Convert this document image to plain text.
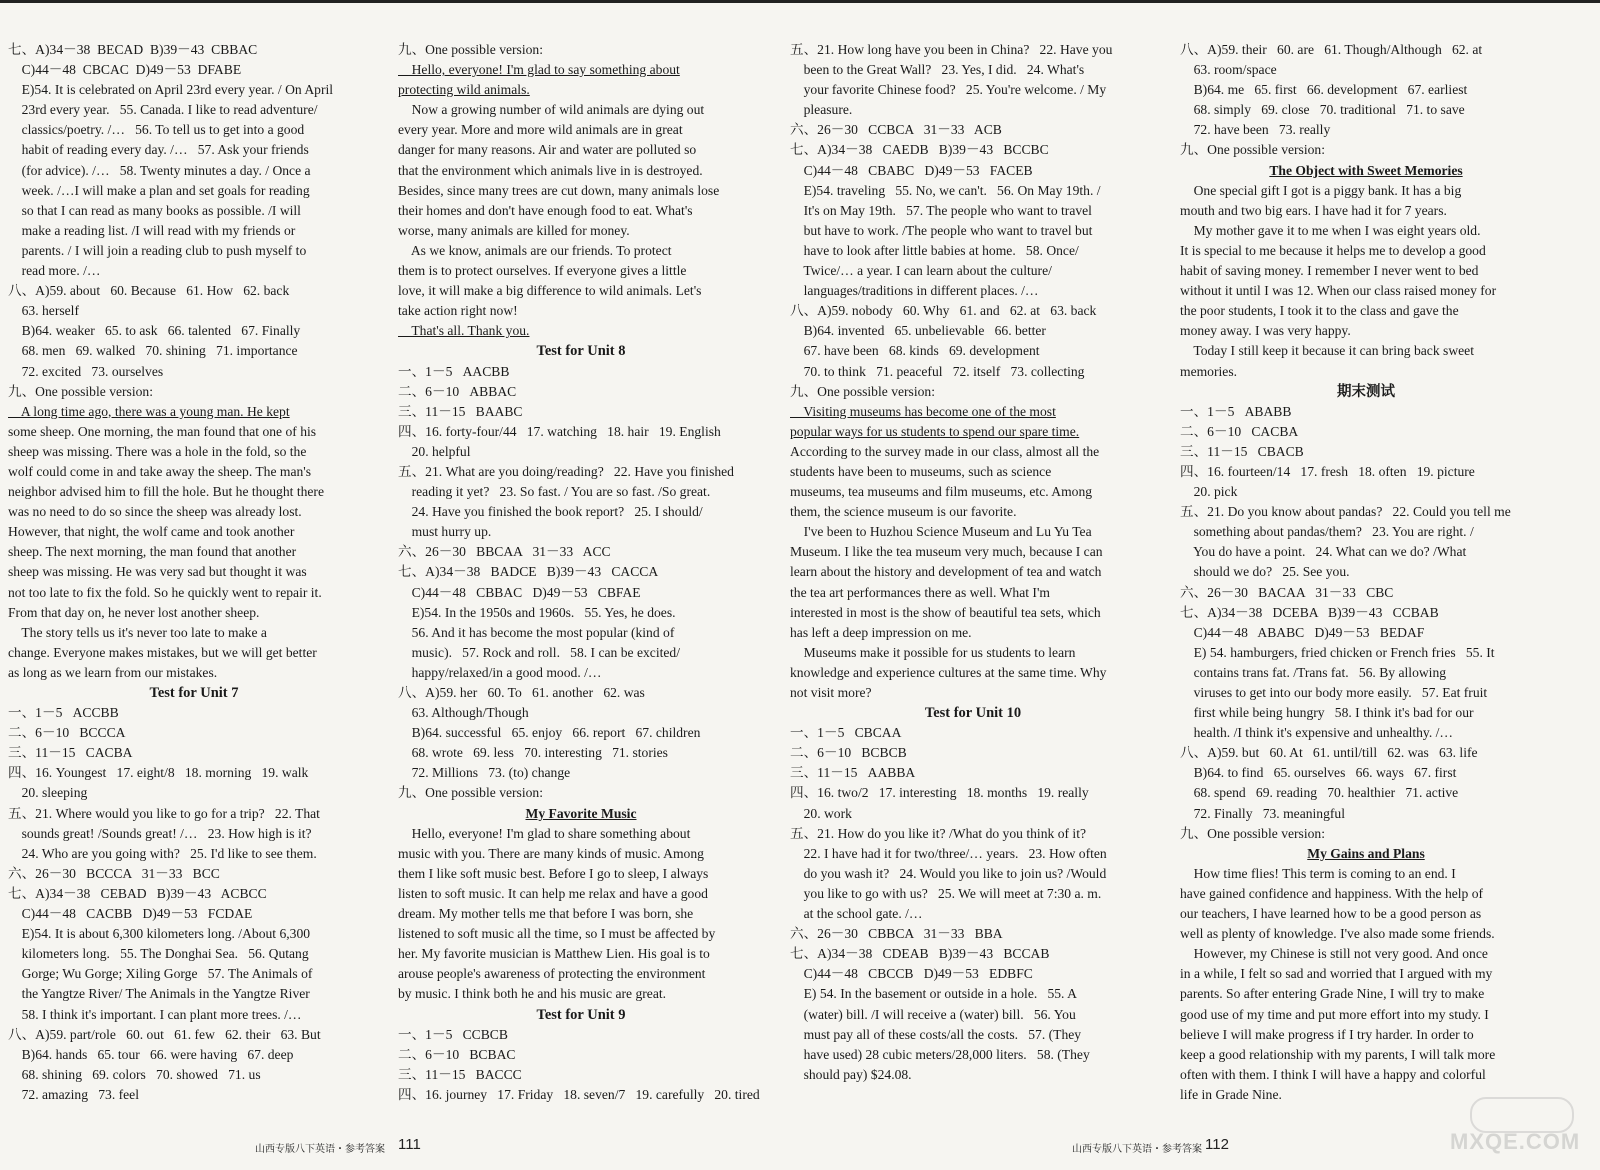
七、A)34－38  BECAD  B)39－43  CBBAC
C)44－48  CBCAC  D)49－53  DFABE
E)54. It is celebrated on April 23rd every year. / On April
23rd every year.   55. Canada. I like to read adventure/
classics/poetry. /…   56. To tell us to get into a good
habit of reading every day. /…   57. Ask your friends
(for advice). /…   58. Twenty minutes a day. / Once a
week. /…I will make a plan and set goals for reading
so that I can read as many books as possible. /I will
make a reading list. /I will read with my friends or
parents. / I will join a reading club to push myself to
read more. /…
八、A)59. about   60. Because   61. How   62. back
63. herself
B)64. weaker   65. to ask   66. talented   67. Finally
68. men   69. walked   70. shining   71. importance
72. excited   73. ourselves
九、One possible version:
A long time ago, there was a young man. He kept
some sheep. One morning, the man found that one of his
sheep was missing. There was a hole in the fold, so the
wolf could come in and take away the sheep. The man's
neighbor advised him to fill the hole. But he thought there
was no need to do so since the sheep was already lost.
However, that night, the wolf came and took another
sheep. The next morning, the man found that another
sheep was missing. He was very sad but thought it was
not too late to fix the fold. So he quickly went to repair it.
From that day on, he never lost another sheep.
The story tells us it's never too late to make a
change. Everyone makes mistakes, but we will get better
as long as we learn from our mistakes.
Test for Unit 7
一、1－5   ACCBB
二、6－10   BCCCA
三、11－15   CACBA
四、16. Youngest   17. eight/8   18. morning   19. walk
20. sleeping
五、21. Where would you like to go for a trip?   22. That
sounds great! /Sounds great! /…   23. How high is it?
24. Who are you going with?   25. I'd like to see them.
六、26－30   BCCCA   31－33   BCC
七、A)34－38   CEBAD   B)39－43   ACBCC
C)44－48   CACBB   D)49－53   FCDAE
E)54. It is about 6,300 kilometers long. /About 6,300
kilometers long.   55. The Donghai Sea.   56. Qutang
Gorge; Wu Gorge; Xiling Gorge   57. The Animals of
the Yangtze River/ The Animals in the Yangtze River
58. I think it's important. I can plant more trees. /…
八、A)59. part/role   60. out   61. few   62. their   63. But
B)64. hands   65. tour   66. were having   67. deep
68. shining   69. colors   70. showed   71. us
72. amazing   73. feel
九、One possible version:
Hello, everyone! I'm glad to say something about
protecting wild animals.
Now a growing number of wild animals are dying out
every year. More and more wild animals are in great
danger for many reasons. Air and water are polluted so
that the environment which animals live in is destroyed.
Besides, since many trees are cut down, many animals lose
their homes and don't have enough food to eat. What's
worse, many animals are killed for money.
As we know, animals are our friends. To protect
them is to protect ourselves. If everyone gives a little
love, it will make a big difference to wild animals. Let's
take action right now!
That's all. Thank you.
Test for Unit 8
一、1－5   AACBB
二、6－10   ABBAC
三、11－15   BAABC
四、16. forty-four/44   17. watching   18. hair   19. English
20. helpful
五、21. What are you doing/reading?   22. Have you finished
reading it yet?   23. So fast. / You are so fast. /So great.
24. Have you finished the book report?   25. I should/
must hurry up.
六、26－30   BBCAA   31－33   ACC
七、A)34－38   BADCE   B)39－43   CACCA
C)44－48   CBBAC   D)49－53   CBFAE
E)54. In the 1950s and 1960s.   55. Yes, he does.
56. And it has become the most popular (kind of
music).   57. Rock and roll.   58. I can be excited/
happy/relaxed/in a good mood. /…
八、A)59. her   60. To   61. another   62. was
63. Although/Though
B)64. successful   65. enjoy   66. report   67. children
68. wrote   69. less   70. interesting   71. stories
72. Millions   73. (to) change
九、One possible version:
My Favorite Music
Hello, everyone! I'm glad to share something about
music with you. There are many kinds of music. Among
them I like soft music best. Before I go to sleep, I always
listen to soft music. It can help me relax and have a good
dream. My mother tells me that before I was born, she
listened to soft music all the time, so I must be affected by
her. My favorite musician is Matthew Lien. His goal is to
arouse people's awareness of protecting the environment
by music. I think both he and his music are great.
Test for Unit 9
一、1－5   CCBCB
二、6－10   BCBAC
三、11－15   BACCC
四、16. journey   17. Friday   18. seven/7   19. carefully   20. tired
五、21. How long have you been in China?   22. Have you
been to the Great Wall?   23. Yes, I did.   24. What's
your favorite Chinese food?   25. You're welcome. / My
pleasure.
六、26－30   CCBCA   31－33   ACB
七、A)34－38   CAEDB   B)39－43   BCCBC
C)44－48   CBABC   D)49－53   FACEB
E)54. traveling   55. No, we can't.   56. On May 19th. /
It's on May 19th.   57. The people who want to travel
but have to work. /The people who want to travel but
have to look after little babies at home.   58. Once/
Twice/… a year. I can learn about the culture/
languages/traditions in different places. /…
八、A)59. nobody   60. Why   61. and   62. at   63. back
B)64. invented   65. unbelievable   66. better
67. have been   68. kinds   69. development
70. to think   71. peaceful   72. itself   73. collecting
九、One possible version:
Visiting museums has become one of the most
popular ways for us students to spend our spare time.
According to the survey made in our class, almost all the
students have been to museums, such as science
museums, tea museums and film museums, etc. Among
them, the science museum is our favorite.
I've been to Huzhou Science Museum and Lu Yu Tea
Museum. I like the tea museum very much, because I can
learn about the history and development of tea and watch
the tea art performances there as well. What I'm
interested in most is the show of beautiful tea sets, which
has left a deep impression on me.
Museums make it possible for us students to learn
knowledge and experience cultures at the same time. Why
not visit more?
Test for Unit 10
一、1－5   CBCAA
二、6－10   BCBCB
三、11－15   AABBA
四、16. two/2   17. interesting   18. months   19. really
20. work
五、21. How do you like it? /What do you think of it?
22. I have had it for two/three/… years.   23. How often
do you wash it?   24. Would you like to join us? /Would
you like to go with us?   25. We will meet at 7:30 a. m.
at the school gate. /…
六、26－30   CBBCA   31－33   BBA
七、A)34－38   CDEAB   B)39－43   BCCAB
C)44－48   CBCCB   D)49－53   EDBFC
E) 54. In the basement or outside in a hole.   55. A
(water) bill. /I will receive a (water) bill.   56. You
must pay all of these costs/all the costs.   57. (They
have used) 28 cubic meters/28,000 liters.   58. (They
should pay) $24.08.
八、A)59. their   60. are   61. Though/Although   62. at
63. room/space
B)64. me   65. first   66. development   67. earliest
68. simply   69. close   70. traditional   71. to save
72. have been   73. really
九、One possible version:
The Object with Sweet Memories
One special gift I got is a piggy bank. It has a big
mouth and two big ears. I have had it for 7 years.
My mother gave it to me when I was eight years old.
It is special to me because it helps me to develop a good
habit of saving money. I remember I never went to bed
without it until I was 12. When our class raised money for
the poor students, I took it to the class and gave the
money away. I was very happy.
Today I still keep it because it can bring back sweet
memories.
期末测试
一、1－5   ABABB
二、6－10   CACBA
三、11－15   CBACB
四、16. fourteen/14   17. fresh   18. often   19. picture
20. pick
五、21. Do you know about pandas?   22. Could you tell me
something about pandas/them?   23. You are right. /
You do have a point.   24. What can we do? /What
should we do?   25. See you.
六、26－30   BACAA   31－33   CBC
七、A)34－38   DCEBA   B)39－43   CCBAB
C)44－48   ABABC   D)49－53   BEDAF
E) 54. hamburgers, fried chicken or French fries   55. It
contains trans fat. /Trans fat.   56. By allowing
viruses to get into our body more easily.   57. Eat fruit
first while being hungry   58. I think it's bad for our
health. /I think it's expensive and unhealthy. /…
八、A)59. but   60. At   61. until/till   62. was   63. life
B)64. to find   65. ourselves   66. ways   67. first
68. spend   69. reading   70. healthier   71. active
72. Finally   73. meaningful
九、One possible version:
My Gains and Plans
How time flies! This term is coming to an end. I
have gained confidence and happiness. With the help of
our teachers, I have learned how to be a good person as
well as plenty of knowledge. I've also made some friends.
However, my Chinese is still not very good. And once
in a while, I felt so sad and worried that I argued with my
parents. So after entering Grade Nine, I will try to make
good use of my time and put more effort into my study. I
believe I will make progress if I try harder. In order to
keep a good relationship with my parents, I will talk more
often with them. I think I will have a happy and colorful
life in Grade Nine.
山西专版八下英语・参考答案 111	山西专版八下英语・参考答案 112	MXQE.COM
